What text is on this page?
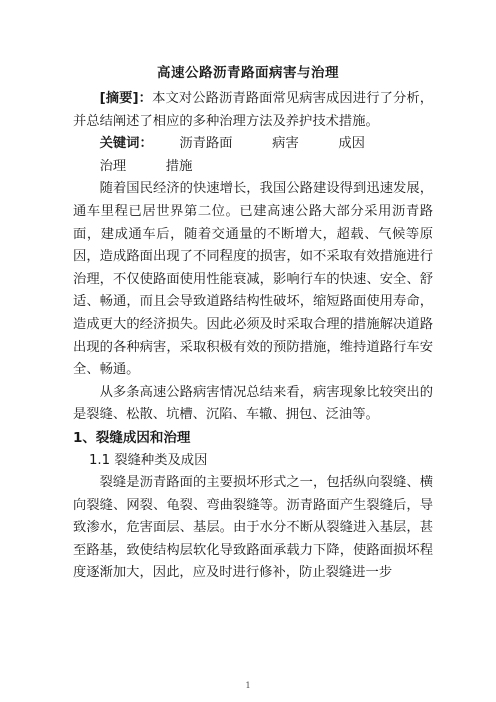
高速公路沥青路面病害与治理

[摘要]：本文对公路沥青路面常见病害成因进行了分析，并总结阐述了相应的多种治理方法及养护技术措施。

关键词： 沥青路面	病害	成因治理	措施

随着国民经济的快速增长，我国公路建设得到迅速发展，通车里程已居世界第二位。已建高速公路大部分采用沥青路面，建成通车后，随着交通量的不断增大，超载、气候等原因，造成路面出现了不同程度的损害，如不采取有效措施进行治理，不仅使路面使用性能衰减，影响行车的快速、安全、舒适、畅通，而且会导致道路结构性破坏，缩短路面使用寿命，造成更大的经济损失。因此必须及时采取合理的措施解决道路出现的各种病害，采取积极有效的预防措施，维持道路行车安全、畅通。

从多条高速公路病害情况总结来看，病害现象比较突出的是裂缝、松散、坑槽、沉陷、车辙、拥包、泛油等。

1、裂缝成因和治理

1.1 裂缝种类及成因

裂缝是沥青路面的主要损坏形式之一，包括纵向裂缝、横向裂缝、网裂、龟裂、弯曲裂缝等。沥青路面产生裂缝后，导致渗水，危害面层、基层。由于水分不断从裂缝进入基层，甚至路基，致使结构层软化导致路面承载力下降，使路面损坏程度逐渐加大，因此，应及时进行修补，防止裂缝进一步

1
